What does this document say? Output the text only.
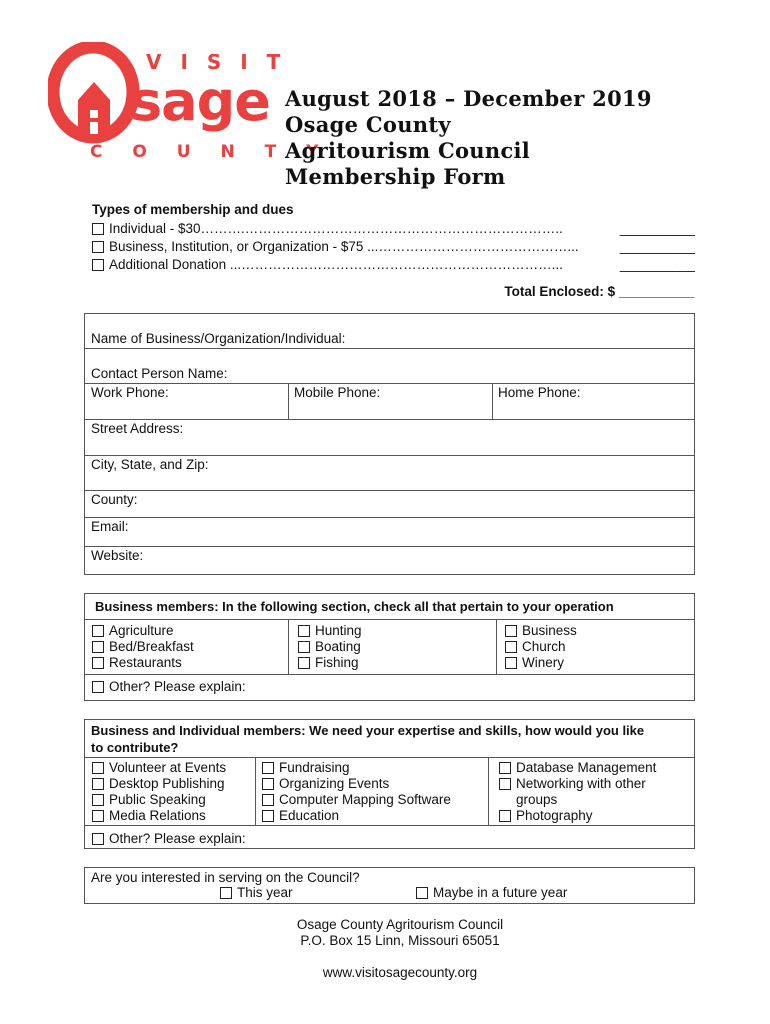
V I S I T
sage
C O U N T Y
August 2018 – December 2019
Osage County
Agritourism Council
Membership Form
Types of membership and dues
Individual - $30……….……………………………………………………………..	__________
Business, Institution, or Organization - $75 ...……………………………………...	__________
Additional Donation ...……………………………………………………………...	__________
Total Enclosed: $ __________
Name of Business/Organization/Individual:
Contact Person Name:
Work Phone:	Mobile Phone:	Home Phone:
Street Address:
City, State, and Zip:
County:
Email:
Website:
Business members: In the following section, check all that pertain to your operation
Agriculture
Bed/Breakfast
Restaurants
Hunting
Boating
Fishing
Business
Church
Winery
Other? Please explain:
Business and Individual members: We need your expertise and skills, how would you like
to contribute?
Volunteer at Events
Desktop Publishing
Public Speaking
Media Relations
Fundraising
Organizing Events
Computer Mapping Software
Education
Database Management
Networking with other
groups
Photography
Other? Please explain:
Are you interested in serving on the Council?
This year	Maybe in a future year
Osage County Agritourism Council
P.O. Box 15 Linn, Missouri 65051
www.visitosagecounty.org
